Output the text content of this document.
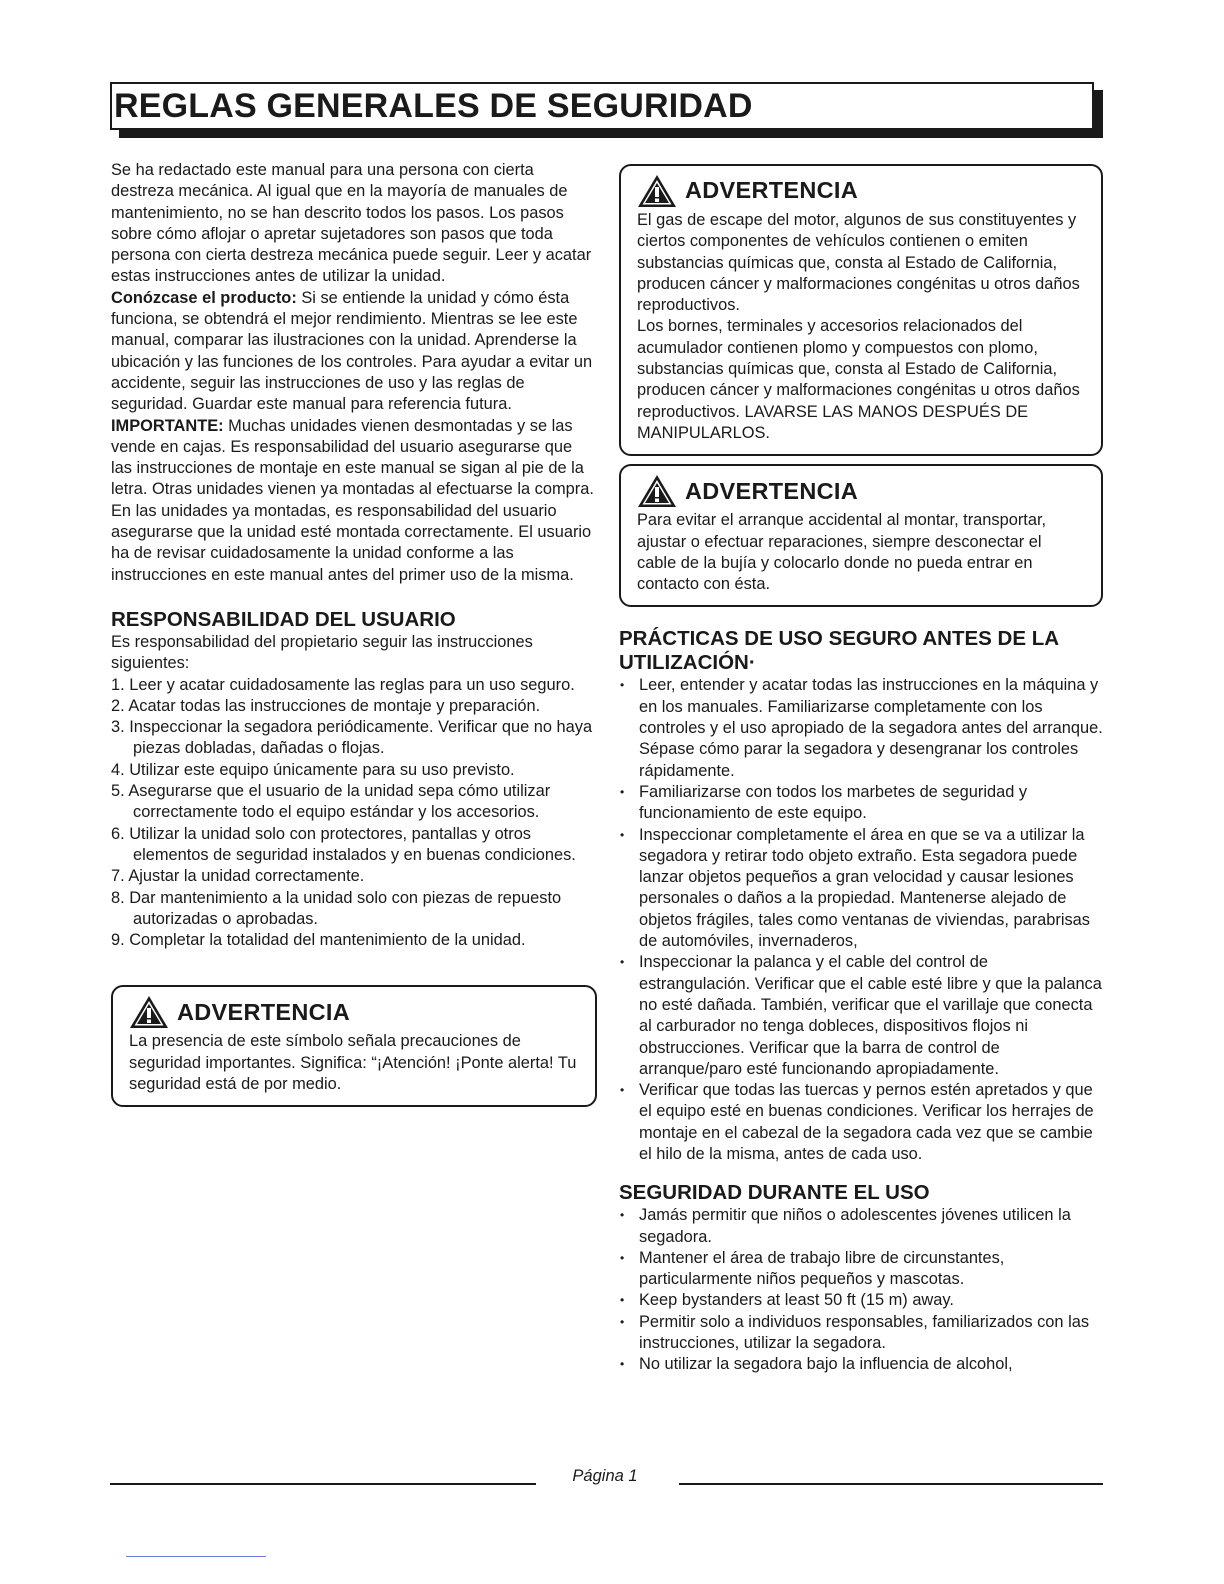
REGLAS GENERALES DE SEGURIDAD

Se ha redactado este manual para una persona con cierta destreza mecánica. Al igual que en la mayoría de manuales de mantenimiento, no se han descrito todos los pasos. Los pasos sobre cómo aflojar o apretar sujetadores son pasos que toda persona con cierta destreza mecánica puede seguir. Leer y acatar estas instrucciones antes de utilizar la unidad.

Conózcase el producto: Si se entiende la unidad y cómo ésta funciona, se obtendrá el mejor rendimiento. Mientras se lee este manual, comparar las ilustraciones con la unidad. Aprenderse la ubicación y las funciones de los controles. Para ayudar a evitar un accidente, seguir las instrucciones de uso y las reglas de seguridad. Guardar este manual para referencia futura.

IMPORTANTE: Muchas unidades vienen desmontadas y se las vende en cajas. Es responsabilidad del usuario asegurarse que las instrucciones de montaje en este manual se sigan al pie de la letra. Otras unidades vienen ya montadas al efectuarse la compra. En las unidades ya montadas, es responsabilidad del usuario asegurarse que la unidad esté montada correctamente. El usuario ha de revisar cuidadosamente la unidad conforme a las instrucciones en este manual antes del primer uso de la misma.

RESPONSABILIDAD DEL USUARIO

Es responsabilidad del propietario seguir las instrucciones siguientes:

1. Leer y acatar cuidadosamente las reglas para un uso seguro.
2. Acatar todas las instrucciones de montaje y preparación.
3. Inspeccionar la segadora periódicamente. Verificar que no haya piezas dobladas, dañadas o flojas.
4. Utilizar este equipo únicamente para su uso previsto.
5. Asegurarse que el usuario de la unidad sepa cómo utilizar correctamente todo el equipo estándar y los accesorios.
6. Utilizar la unidad solo con protectores, pantallas y otros elementos de seguridad instalados y en buenas condiciones.
7. Ajustar la unidad correctamente.
8. Dar mantenimiento a la unidad solo con piezas de repuesto autorizadas o aprobadas.
9. Completar la totalidad del mantenimiento de la unidad.
ADVERTENCIA

La presencia de este símbolo señala precauciones de seguridad importantes. Significa: “¡Atención! ¡Ponte alerta! Tu seguridad está de por medio.

ADVERTENCIA

El gas de escape del motor, algunos de sus constituyentes y ciertos componentes de vehículos contienen o emiten substancias químicas que, consta al Estado de California, producen cáncer y malformaciones congénitas u otros daños reproductivos.

Los bornes, terminales y accesorios relacionados del acumulador contienen plomo y compuestos con plomo, substancias químicas que, consta al Estado de California, producen cáncer y malformaciones congénitas u otros daños reproductivos. LAVARSE LAS MANOS DESPUÉS DE MANIPULARLOS.

ADVERTENCIA

Para evitar el arranque accidental al montar, transportar, ajustar o efectuar reparaciones, siempre desconectar el cable de la bujía y colocarlo donde no pueda entrar en contacto con ésta.

PRÁCTICAS DE USO SEGURO ANTES DE LA UTILIZACIÓN·
• Leer, entender y acatar todas las instrucciones en la máquina y en los manuales. Familiarizarse completamente con los controles y el uso apropiado de la segadora antes del arranque. Sépase cómo parar la segadora y desengranar los controles rápidamente.
• Familiarizarse con todos los marbetes de seguridad y funcionamiento de este equipo.
• Inspeccionar completamente el área en que se va a utilizar la segadora y retirar todo objeto extraño. Esta segadora puede lanzar objetos pequeños a gran velocidad y causar lesiones personales o daños a la propiedad. Mantenerse alejado de objetos frágiles, tales como ventanas de viviendas, parabrisas de automóviles, invernaderos,
• Inspeccionar la palanca y el cable del control de estrangulación. Verificar que el cable esté libre y que la palanca no esté dañada. También, verificar que el varillaje que conecta al carburador no tenga dobleces, dispositivos flojos ni obstrucciones. Verificar que la barra de control de arranque/paro esté funcionando apropiadamente.
• Verificar que todas las tuercas y pernos estén apretados y que el equipo esté en buenas condiciones. Verificar los herrajes de montaje en el cabezal de la segadora cada vez que se cambie el hilo de la misma, antes de cada uso.
SEGURIDAD DURANTE EL USO
• Jamás permitir que niños o adolescentes jóvenes utilicen la segadora.
• Mantener el área de trabajo libre de circunstantes, particularmente niños pequeños y mascotas.
• Keep bystanders at least 50 ft (15 m) away.
• Permitir solo a individuos responsables, familiarizados con las instrucciones, utilizar la segadora.
• No utilizar la segadora bajo la influencia de alcohol,
Página 1
